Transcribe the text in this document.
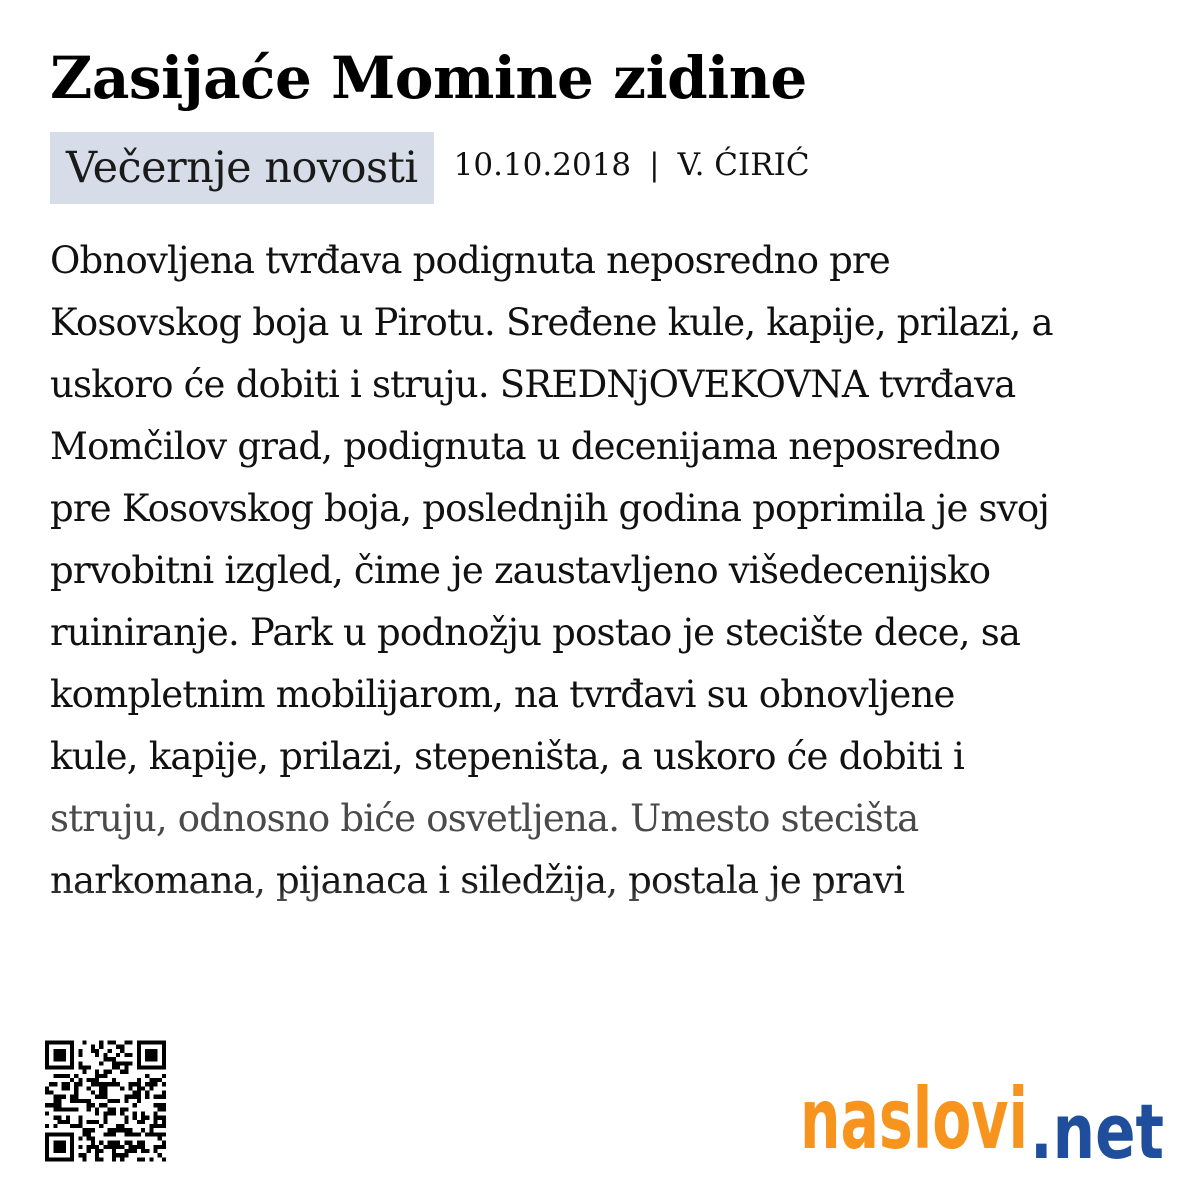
Zasijaće Momine zidine
Večernje novosti	10.10.2018 | V. ĆIRIĆ
Obnovljena tvrđava podignuta neposredno pre
Kosovskog boja u Pirotu. Sređene kule, kapije, prilazi, a
uskoro će dobiti i struju. SREDNjOVEKOVNA tvrđava
Momčilov grad, podignuta u decenijama neposredno
pre Kosovskog boja, poslednjih godina poprimila je svoj
prvobitni izgled, čime je zaustavljeno višedecenijsko
ruiniranje. Park u podnožju postao je stecište dece, sa
kompletnim mobilijarom, na tvrđavi su obnovljene
kule, kapije, prilazi, stepeništa, a uskoro će dobiti i
struju, odnosno biće osvetljena. Umesto stecišta
narkomana, pijanaca i siledžija, postala je pravi
naslovi .net
